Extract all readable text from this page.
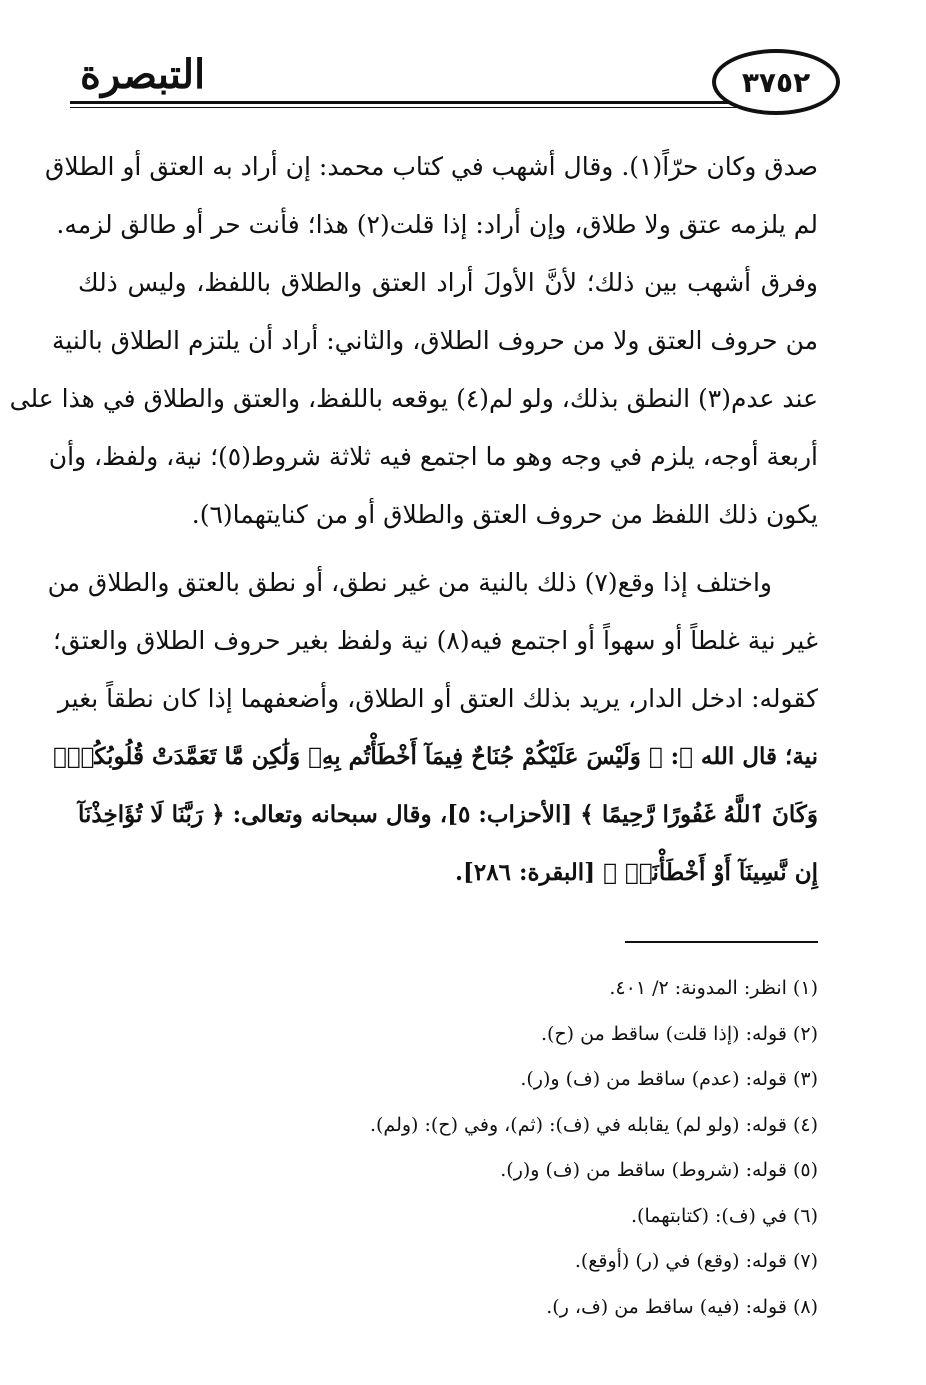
التبصرة	٣٧٥٢
صدق وكان حرّاً(١). وقال أشهب في كتاب محمد: إن أراد به العتق أو الطلاق
لم يلزمه عتق ولا طلاق، وإن أراد: إذا قلت(٢) هذا؛ فأنت حر أو طالق لزمه.
وفرق أشهب بين ذلك؛ لأنَّ الأولَ أراد العتق والطلاق باللفظ، وليس ذلك
من حروف العتق ولا من حروف الطلاق، والثاني: أراد أن يلتزم الطلاق بالنية
عند عدم(٣) النطق بذلك، ولو لم(٤) يوقعه باللفظ، والعتق والطلاق في هذا على
أربعة أوجه، يلزم في وجه وهو ما اجتمع فيه ثلاثة شروط(٥)؛ نية، ولفظ، وأن
يكون ذلك اللفظ من حروف العتق والطلاق أو من كنايتهما(٦).
واختلف إذا وقع(٧) ذلك بالنية من غير نطق، أو نطق بالعتق والطلاق من
غير نية غلطاً أو سهواً أو اجتمع فيه(٨) نية ولفظ بغير حروف الطلاق والعتق؛
كقوله: ادخل الدار، يريد بذلك العتق أو الطلاق، وأضعفهما إذا كان نطقاً بغير
نية؛ قال الله ﷻ: ﴿ وَلَيْسَ عَلَيْكُمْ جُنَاحٌ فِيمَآ أَخْطَأْتُم بِهِۦ وَلَٰكِن مَّا تَعَمَّدَتْ قُلُوبُكُمْۚ
وَكَانَ ٱللَّهُ غَفُورًا رَّحِيمًا ﴾ [الأحزاب: ٥]، وقال سبحانه وتعالى: ﴿ رَبَّنَا لَا تُؤَاخِذْنَآ
إِن نَّسِينَآ أَوْ أَخْطَأْنَاۚ ﴾ [البقرة: ٢٨٦].
(١) انظر: المدونة: ٢/ ٤٠١.
(٢) قوله: (إذا قلت) ساقط من (ح).
(٣) قوله: (عدم) ساقط من (ف) و(ر).
(٤) قوله: (ولو لم) يقابله في (ف): (ثم)، وفي (ح): (ولم).
(٥) قوله: (شروط) ساقط من (ف) و(ر).
(٦) في (ف): (كتابتهما).
(٧) قوله: (وقع) في (ر) (أوقع).
(٨) قوله: (فيه) ساقط من (ف، ر).
